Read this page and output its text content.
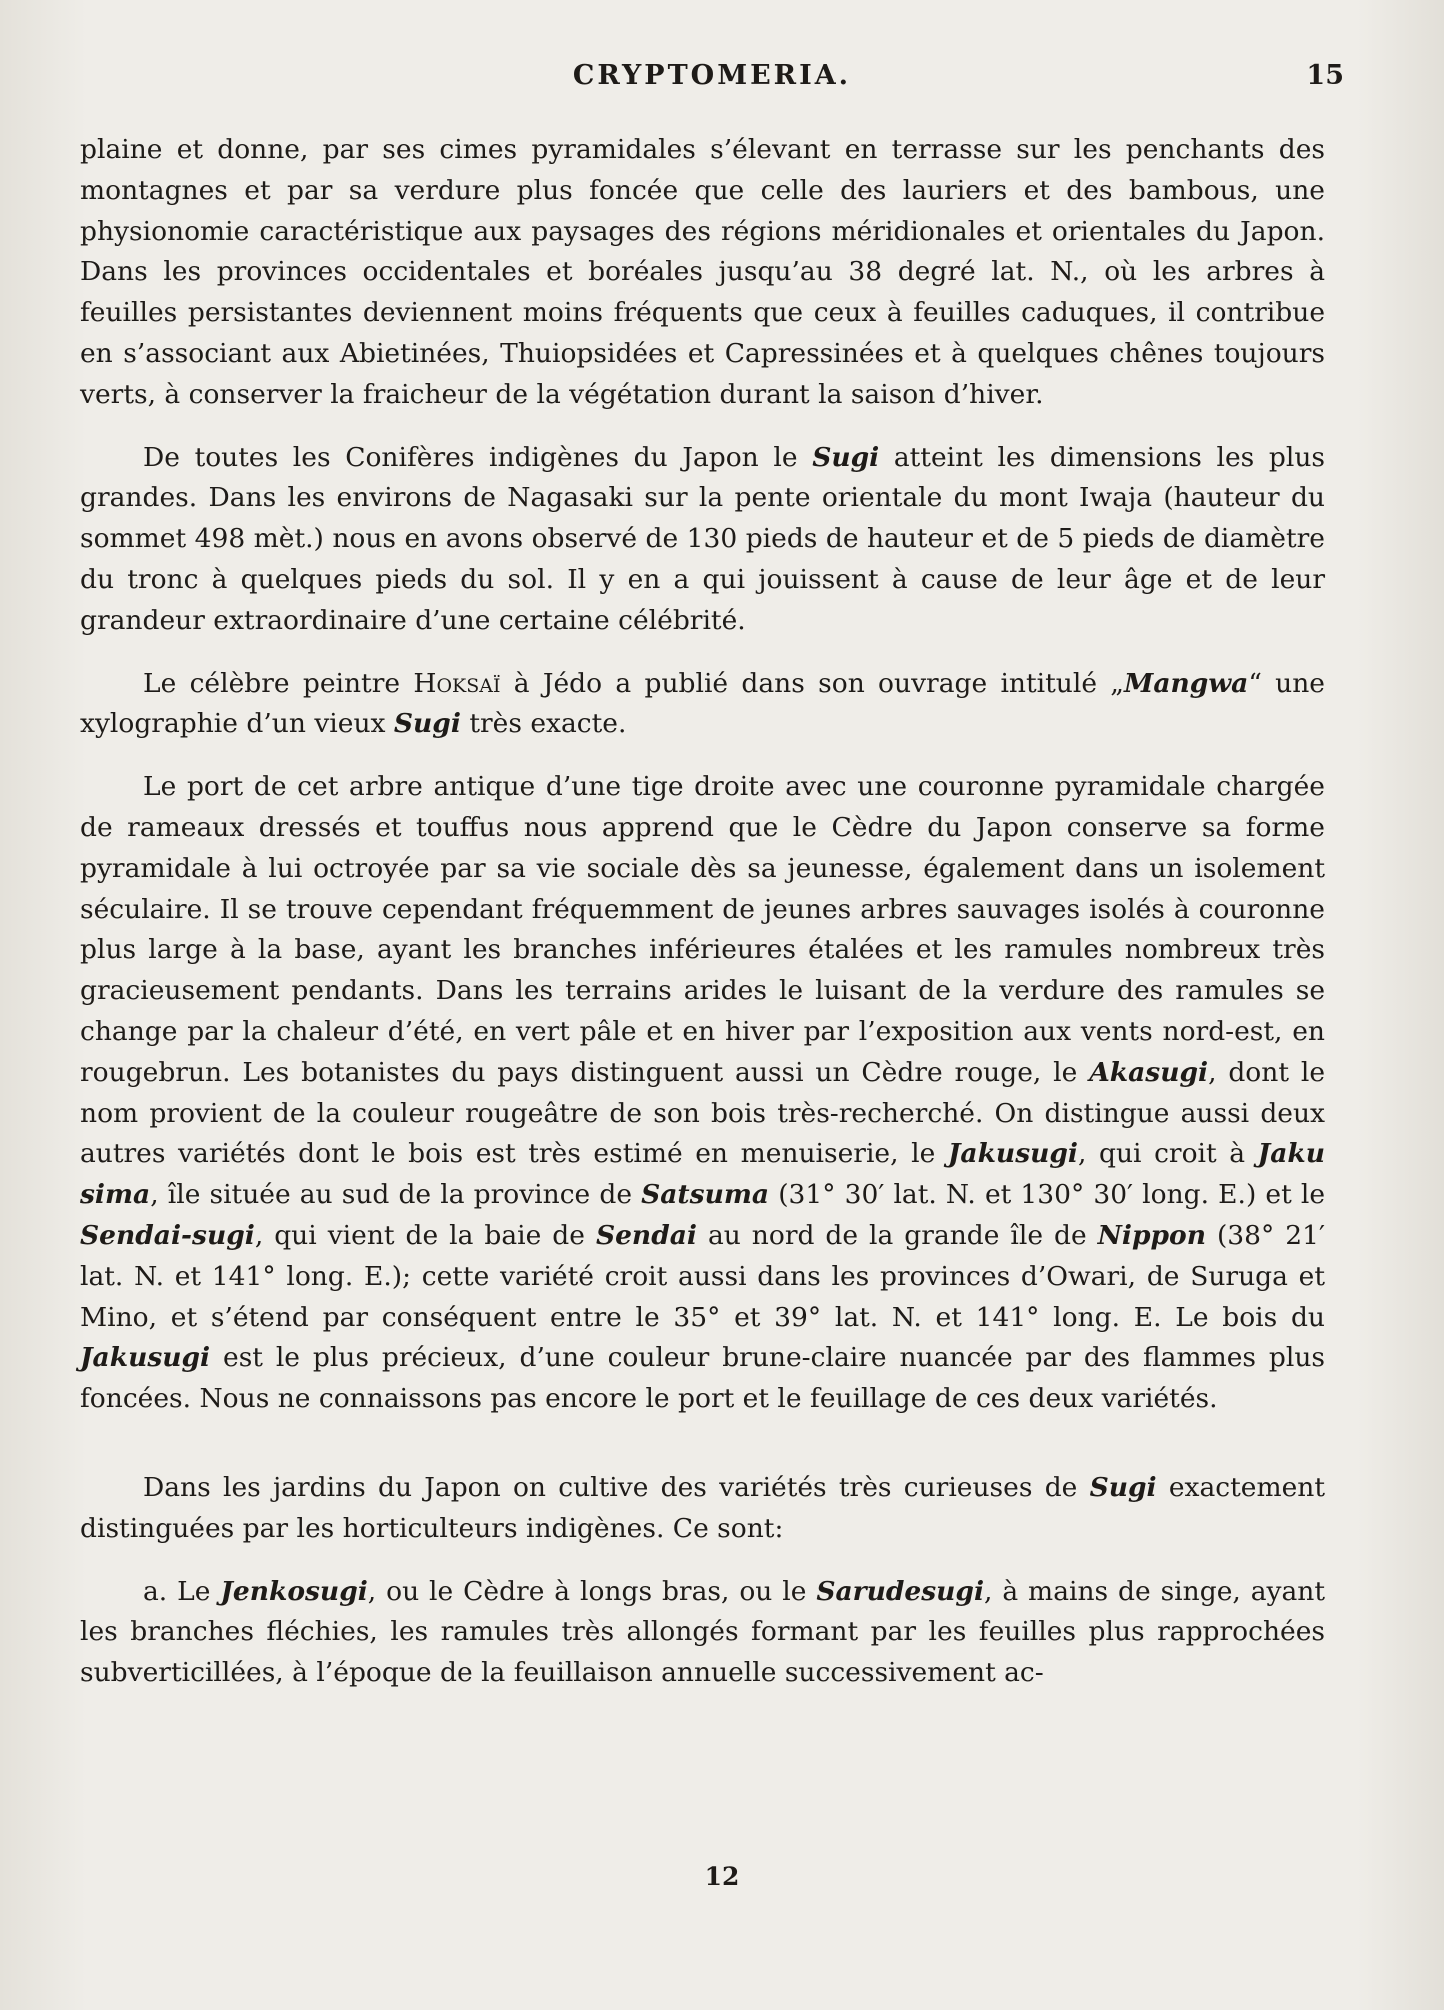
CRYPTOMERIA.	15

plaine et donne, par ses cimes pyramidales s’élevant en terrasse sur les penchants des montagnes et par sa verdure plus foncée que celle des lauriers et des bambous, une physionomie caractéristique aux paysages des régions méridionales et orientales du Japon. Dans les provinces occidentales et boréales jusqu’au 38 degré lat. N., où les arbres à feuilles persistantes deviennent moins fréquents que ceux à feuilles caduques, il contribue en s’associant aux Abietinées, Thuiopsidées et Capressinées et à quelques chênes toujours verts, à conserver la fraicheur de la végétation durant la saison d’hiver.

De toutes les Conifères indigènes du Japon le Sugi atteint les dimensions les plus grandes. Dans les environs de Nagasaki sur la pente orientale du mont Iwaja (hauteur du sommet 498 mèt.) nous en avons observé de 130 pieds de hauteur et de 5 pieds de diamètre du tronc à quelques pieds du sol. Il y en a qui jouissent à cause de leur âge et de leur grandeur extraordinaire d’une certaine célébrité.

Le célèbre peintre Hoksaï à Jédo a publié dans son ouvrage intitulé „Mangwa“ une xylographie d’un vieux Sugi très exacte.

Le port de cet arbre antique d’une tige droite avec une couronne pyramidale chargée de rameaux dressés et touffus nous apprend que le Cèdre du Japon conserve sa forme pyramidale à lui octroyée par sa vie sociale dès sa jeunesse, également dans un isolement séculaire. Il se trouve cependant fréquemment de jeunes arbres sauvages isolés à couronne plus large à la base, ayant les branches inférieures étalées et les ramules nombreux très gracieusement pendants. Dans les terrains arides le luisant de la verdure des ramules se change par la chaleur d’été, en vert pâle et en hiver par l’exposition aux vents nord-est, en rougebrun. Les botanistes du pays distinguent aussi un Cèdre rouge, le Akasugi, dont le nom provient de la couleur rougeâtre de son bois très-recherché. On distingue aussi deux autres variétés dont le bois est très estimé en menuiserie, le Jakusugi, qui croit à Jaku sima, île située au sud de la province de Satsuma (31° 30′ lat. N. et 130° 30′ long. E.) et le Sendai-sugi, qui vient de la baie de Sendai au nord de la grande île de Nippon (38° 21′ lat. N. et 141° long. E.); cette variété croit aussi dans les provinces d’Owari, de Suruga et Mino, et s’étend par conséquent entre le 35° et 39° lat. N. et 141° long. E. Le bois du Jakusugi est le plus précieux, d’une couleur brune-claire nuancée par des flammes plus foncées. Nous ne connaissons pas encore le port et le feuillage de ces deux variétés.

Dans les jardins du Japon on cultive des variétés très curieuses de Sugi exactement distinguées par les horticulteurs indigènes. Ce sont:

a. Le Jenkosugi, ou le Cèdre à longs bras, ou le Sarudesugi, à mains de singe, ayant les branches fléchies, les ramules très allongés formant par les feuilles plus rapprochées subverticillées, à l’époque de la feuillaison annuelle successivement ac-

12
